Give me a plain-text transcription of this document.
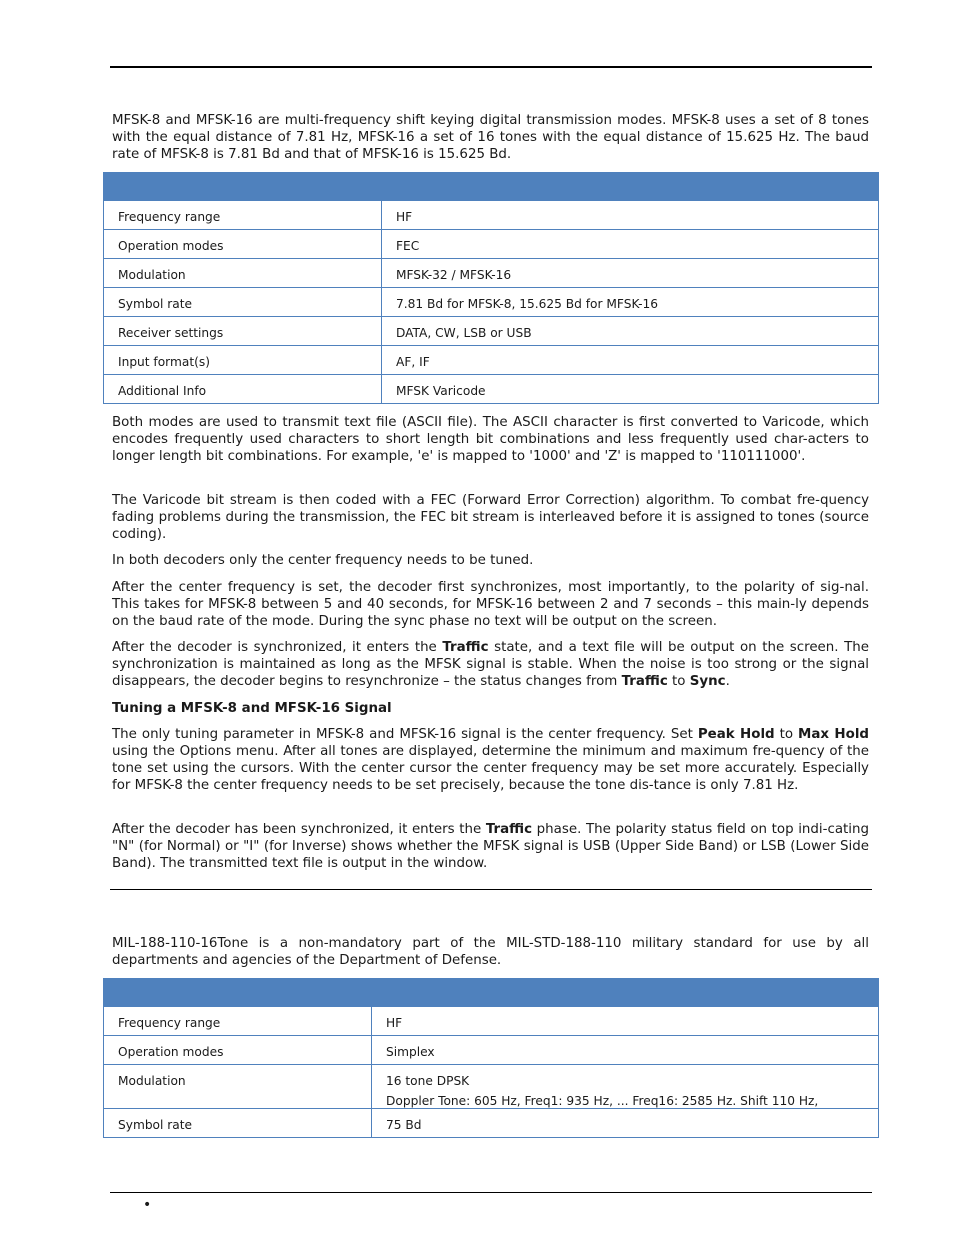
MFSK-8 and MFSK-16 are multi-frequency shift keying digital transmission modes. MFSK-8 uses a set of 8 tones with the equal distance of 7.81 Hz, MFSK-16 a set of 16 tones with the equal distance of 15.625 Hz. The baud rate of MFSK-8 is 7.81 Bd and that of MFSK-16 is 15.625 Bd.

Frequency range	HF
Operation modes	FEC
Modulation	MFSK-32 / MFSK-16
Symbol rate	7.81 Bd for MFSK-8, 15.625 Bd for MFSK-16
Receiver settings	DATA, CW, LSB or USB
Input format(s)	AF, IF
Additional Info	MFSK Varicode

Both modes are used to transmit text file (ASCII file). The ASCII character is first converted to Varicode, which encodes frequently used characters to short length bit combinations and less frequently used char-acters to longer length bit combinations. For example, 'e' is mapped to '1000' and 'Z' is mapped to '110111000'.

The Varicode bit stream is then coded with a FEC (Forward Error Correction) algorithm. To combat fre-quency fading problems during the transmission, the FEC bit stream is interleaved before it is assigned to tones (source coding).

In both decoders only the center frequency needs to be tuned.

After the center frequency is set, the decoder first synchronizes, most importantly, to the polarity of sig-nal. This takes for MFSK-8 between 5 and 40 seconds, for MFSK-16 between 2 and 7 seconds – this main-ly depends on the baud rate of the mode. During the sync phase no text will be output on the screen.

After the decoder is synchronized, it enters the Traffic state, and a text file will be output on the screen. The synchronization is maintained as long as the MFSK signal is stable. When the noise is too strong or the signal disappears, the decoder begins to resynchronize – the status changes from Traffic to Sync.

Tuning a MFSK-8 and MFSK-16 Signal

The only tuning parameter in MFSK-8 and MFSK-16 signal is the center frequency. Set Peak Hold to Max Hold using the Options menu. After all tones are displayed, determine the minimum and maximum fre-quency of the tone set using the cursors. With the center cursor the center frequency may be set more accurately. Especially for MFSK-8 the center frequency needs to be set precisely, because the tone dis-tance is only 7.81 Hz.

After the decoder has been synchronized, it enters the Traffic phase. The polarity status field on top indi-cating "N" (for Normal) or "I" (for Inverse) shows whether the MFSK signal is USB (Upper Side Band) or LSB (Lower Side Band). The transmitted text file is output in the window.

MIL-188-110-16Tone is a non-mandatory part of the MIL-STD-188-110 military standard for use by all departments and agencies of the Department of Defense.

Frequency range	HF
Operation modes	Simplex
Modulation	16 tone DPSK
Doppler Tone: 605 Hz, Freq1: 935 Hz, ... Freq16: 2585 Hz. Shift 110 Hz,

Symbol rate	75 Bd
•
